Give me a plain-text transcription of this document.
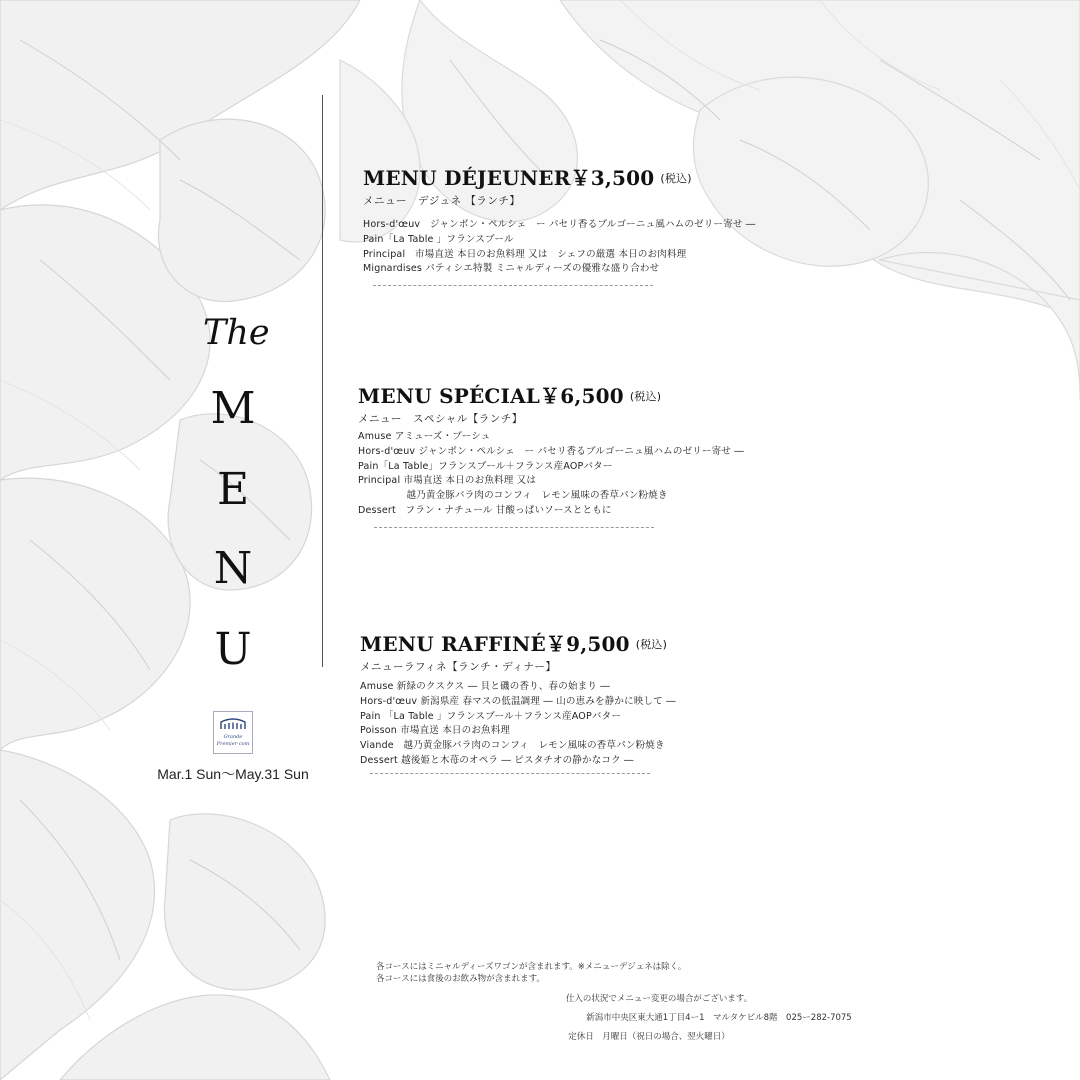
The
M
E
N
U
Grande
Premier·com
Mar.1 Sun〜May.31 Sun
MENU DÉJEUNER￥3,500 (税込)
メニュー　デジュネ 【ランチ】
Hors-d'œuv　ジャンボン・ペルシェ　ー パセリ香るブルゴーニュ風ハムのゼリー寄せ ―
Pain「La Table 」フランスブール
Principal　市場直送 本日のお魚料理 又は　シェフの厳選 本日のお肉料理
Mignardises パティシエ特製 ミニャルディーズの優雅な盛り合わせ
MENU SPÉCIAL￥6,500 (税込)
メニュー　スペシャル【ランチ】
Amuse アミューズ・ブーシュ
Hors-d'œuv ジャンボン・ペルシェ　ー パセリ香るブルゴーニュ風ハムのゼリー寄せ ―
Pain「La Table」フランスブール＋フランス産AOPバター
Principal 市場直送 本日のお魚料理 又は
　　　　　越乃黄金豚バラ肉のコンフィ　レモン風味の香草パン粉焼き
Dessert　フラン・ナチュール 甘酸っぱいソースとともに
MENU RAFFINÉ￥9,500 (税込)
メニューラフィネ【ランチ・ディナー】
Amuse 新緑のクスクス ― 貝と磯の香り、春の始まり ―
Hors-d'œuv 新潟県産 春マスの低温調理 ― 山の恵みを静かに映して ―
Pain 「La Table 」フランスブール＋フランス産AOPバター
Poisson 市場直送 本日のお魚料理
Viande　越乃黄金豚バラ肉のコンフィ　レモン風味の香草パン粉焼き
Dessert 越後姫と木苺のオペラ ― ピスタチオの静かなコク ―
各コースにはミニャルディーズワゴンが含まれます。※メニューデジュネは除く。
各コースには食後のお飲み物が含まれます。
仕入の状況でメニュー変更の場合がございます。
新潟市中央区東大通1丁目4ー1　マルタケビル8階　025ー282-7075
定休日　月曜日（祝日の場合、翌火曜日）
